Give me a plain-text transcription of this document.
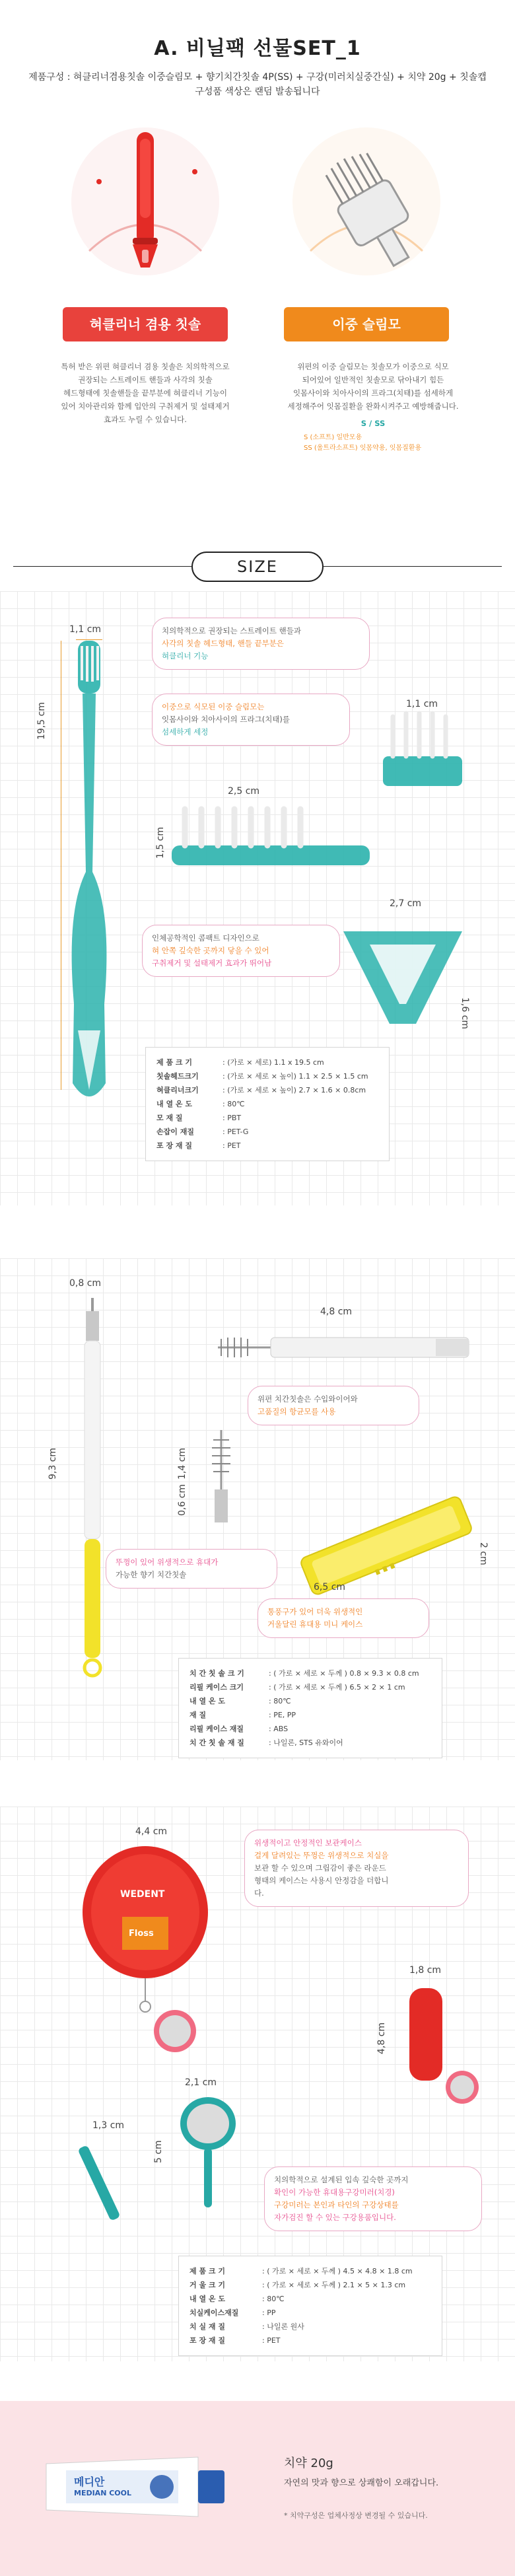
A. 비닐팩 선물SET_1
제품구성 : 혀클리너겸용칫솔 이중슬림모 + 향기치간칫솔 4P(SS) + 구강(미러치실중간실) + 치약 20g + 칫솔캡
구성품 색상은 랜덤 발송됩니다
혀클리너 겸용 칫솔	이중 슬림모
특허 받은 위편 혀클리너 겸용 칫솔은 치의학적으로
권장되는 스트레이트 핸들과 사각의 칫솔
헤드형태에 칫솔핸들을 끝부분에 혀클리너 기능이
있어 치아관리와 함께 입안의 구취제거 및 설태제거
효과도 누릴 수 있습니다.
위편의 이중 슬림모는 칫솔모가 이중으로 식모
되어있어 일반적인 칫솔모로 닦아내기 힘든
잇몸사이와 치아사이의 프라그(치태)를 섬세하게
세정해주어 잇몸질환을 완화시켜주고 예방해줍니다.
S / SS
S (소프트) 일반모용
SS (울트라소프트) 잇몸약용, 잇몸질환용
SIZE
1,1 cm
19,5 cm
치의학적으로 권장되는 스트레이트 핸들과
사각의 칫솔 헤드형태, 핸들 끝부분은
혀클리너 기능
이중으로 식모된 이중 슬림모는
잇몸사이와 치아사이의 프라그(치태)를
섬세하게 세정
1,1 cm
2,5 cm
1,5 cm
인체공학적인 콤팩트 디자인으로
혀 안쪽 깊숙한 곳까지 닿을 수 있어
구취제거 및 설태제거 효과가 뛰어남
2,7 cm
1,6 cm
제 품 크 기	: (가로 × 세로) 1.1 x 19.5 cm
칫솔헤드크기	: (가로 × 세로 × 높이) 1.1 × 2.5 × 1.5 cm
혀클리너크기	: (가로 × 세로 × 높이) 2.7 × 1.6 × 0.8cm
내 열 온 도	: 80℃
모 재 질	: PBT
손잡이 재질	: PET-G
포 장 재 질	: PET
0,8 cm
9,3 cm
4,8 cm
위편 치간칫솔은 수입와이어와
고품질의 항균모를 사용
1,4 cm
0,6 cm
6,5 cm
2 cm
뚜껑이 있어 위생적으로 휴대가
가능한 향기 치간칫솔
통풍구가 있어 더욱 위생적인
거울달린 휴대용 미니 케이스
치 간 칫 솔 크 기	: ( 가로 × 세로 × 두께 ) 0.8 × 9.3 × 0.8 cm
리필 케이스 크기	: ( 가로 × 세로 × 두께 ) 6.5 × 2 × 1 cm
내 열 온 도	: 80℃
재 질	: PE, PP
리필 케이스 재질	: ABS
치 간 칫 솔 재 질	: 나일론, STS 유와이어
WEDENT
Floss
4,4 cm
위생적이고 안정적인 보관케이스
걸게 달려있는 뚜껑은 위생적으로 치실을
보관 할 수 있으며 그립감이 좋은 라운드
형태의 케이스는 사용시 안정감을 더합니
다.
1,8 cm
4,8 cm
2,1 cm
5 cm
1,3 cm
치의학적으로 설계된 입속 깊숙한 곳까지
확인이 가능한 휴대용구강미러(치경)
구강미러는 본인과 타인의 구강상태를
자가검진 할 수 있는 구강용품입니다.
제 품 크 기	: ( 가로 × 세로 × 두께 ) 4.5 × 4.8 × 1.8 cm
거 울 크 기	: ( 가로 × 세로 × 두께 ) 2.1 × 5 × 1.3 cm
내 열 온 도	: 80℃
치실케이스재질	: PP
치 실 재 질	: 나일론 원사
포 장 재 질	: PET
메디안
MEDIAN COOL
치약 20g
자연의 맛과 향으로 상쾌함이 오래갑니다.
* 치약구성은 업체사정상 변경될 수 있습니다.
